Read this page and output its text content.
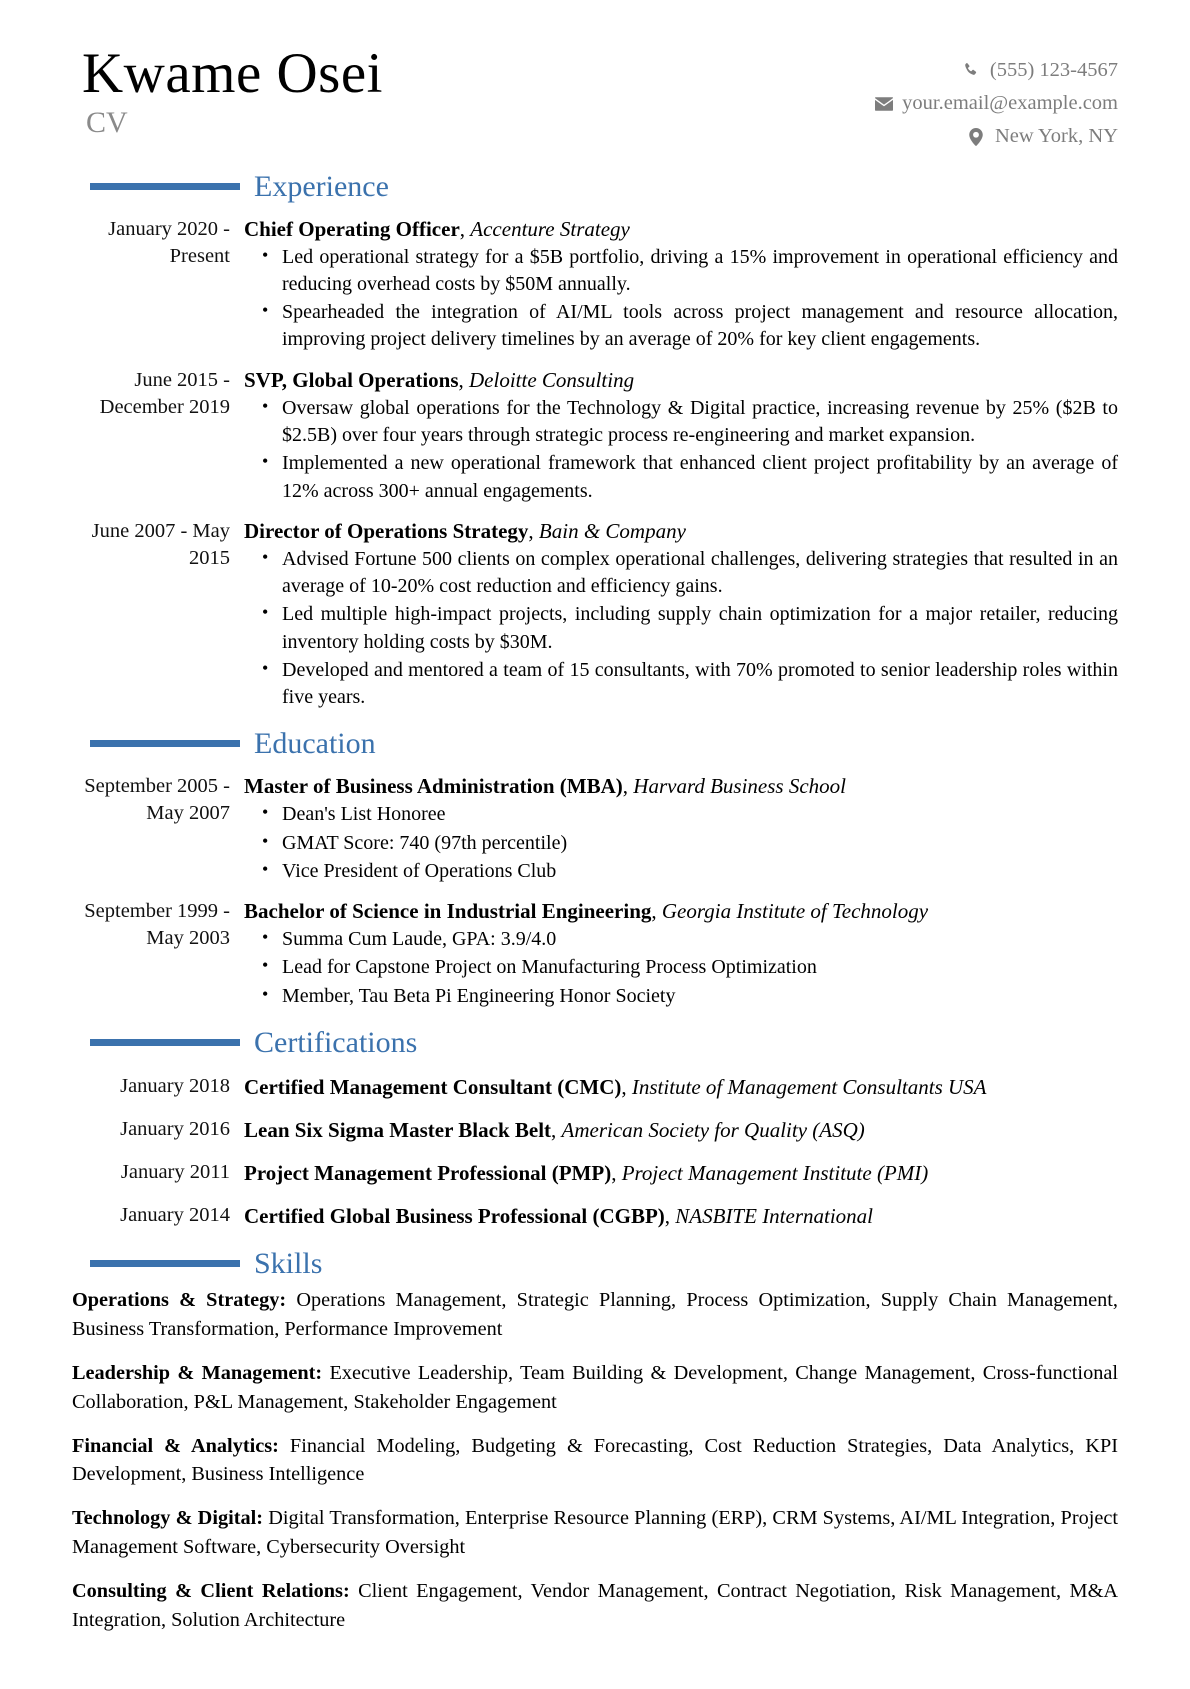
Kwame Osei
CV
(555) 123-4567
your.email@example.com
New York, NY
Experience
January 2020 - Present
Chief Operating Officer, Accenture Strategy
• Led operational strategy for a $5B portfolio, driving a 15% improvement in operational efficiency and reducing overhead costs by $50M annually.
• Spearheaded the integration of AI/ML tools across project management and resource allocation, improving project delivery timelines by an average of 20% for key client engagements.
June 2015 - December 2019
SVP, Global Operations, Deloitte Consulting
• Oversaw global operations for the Technology & Digital practice, increasing revenue by 25% ($2B to $2.5B) over four years through strategic process re-engineering and market expansion.
• Implemented a new operational framework that enhanced client project profitability by an average of 12% across 300+ annual engagements.
June 2007 - May 2015
Director of Operations Strategy, Bain & Company
• Advised Fortune 500 clients on complex operational challenges, delivering strategies that resulted in an average of 10-20% cost reduction and efficiency gains.
• Led multiple high-impact projects, including supply chain optimization for a major retailer, reducing inventory holding costs by $30M.
• Developed and mentored a team of 15 consultants, with 70% promoted to senior leadership roles within five years.
Education
September 2005 - May 2007
Master of Business Administration (MBA), Harvard Business School
• Dean's List Honoree
• GMAT Score: 740 (97th percentile)
• Vice President of Operations Club
September 1999 - May 2003
Bachelor of Science in Industrial Engineering, Georgia Institute of Technology
• Summa Cum Laude, GPA: 3.9/4.0
• Lead for Capstone Project on Manufacturing Process Optimization
• Member, Tau Beta Pi Engineering Honor Society
Certifications
January 2018 Certified Management Consultant (CMC), Institute of Management Consultants USA
January 2016 Lean Six Sigma Master Black Belt, American Society for Quality (ASQ)
January 2011 Project Management Professional (PMP), Project Management Institute (PMI)
January 2014 Certified Global Business Professional (CGBP), NASBITE International
Skills
Operations & Strategy: Operations Management, Strategic Planning, Process Optimization, Supply Chain Management, Business Transformation, Performance Improvement
Leadership & Management: Executive Leadership, Team Building & Development, Change Management, Cross-functional Collaboration, P&L Management, Stakeholder Engagement
Financial & Analytics: Financial Modeling, Budgeting & Forecasting, Cost Reduction Strategies, Data Analytics, KPI Development, Business Intelligence
Technology & Digital: Digital Transformation, Enterprise Resource Planning (ERP), CRM Systems, AI/ML Integration, Project Management Software, Cybersecurity Oversight
Consulting & Client Relations: Client Engagement, Vendor Management, Contract Negotiation, Risk Management, M&A Integration, Solution Architecture
